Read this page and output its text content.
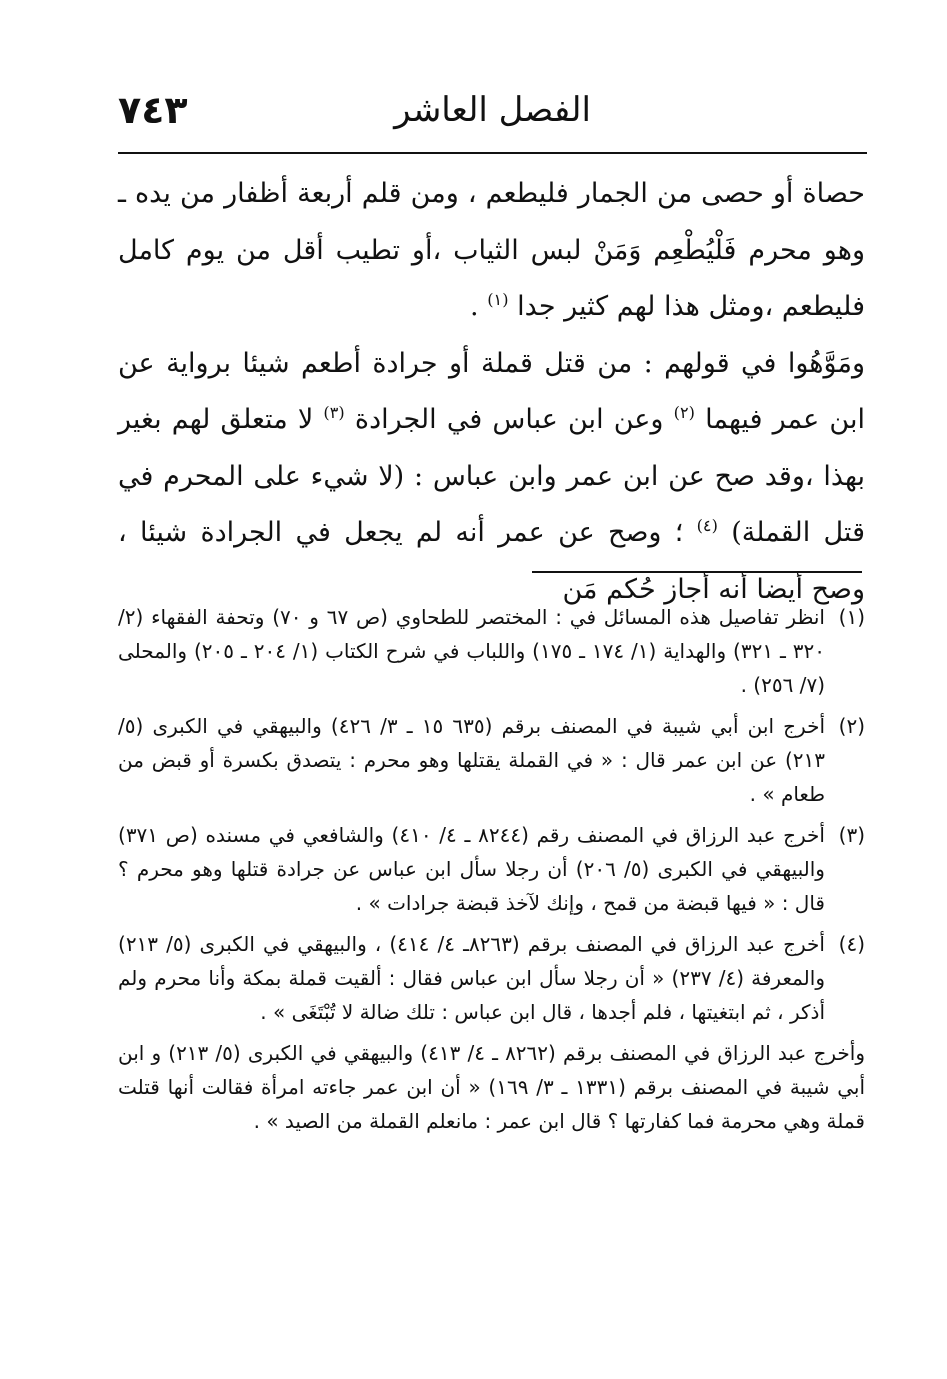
الفصل العاشر
٧٤٣

حصاة أو حصى من الجمار فليطعم ، ومن قلم أربعة أظفار من يده ـ وهو محرم فَلْيُطْعِم وَمَنْ لبس الثياب ،أو تطيب أقل من يوم كامل فليطعم ،ومثل هذا لهم كثير جدا $^{(١)}$ .

ومَوَّهُوا في قولهم : من قتل قملة أو جرادة أطعم شيئا برواية عن ابن عمر فيهما $^{(٢)}$ وعن ابن عباس في الجرادة $^{(٣)}$ لا متعلق لهم بغير بهذا ،وقد صح عن ابن عمر وابن عباس : (لا شيء على المحرم في قتل القملة) $^{(٤)}$ ؛ وصح عن عمر أنه لم يجعل في الجرادة شيئا ، وصح أيضا أنه أجاز حُكم مَن

(١)
انظر تفاصيل هذه المسائل في : المختصر للطحاوي (ص ٦٧ و ٧٠) وتحفة الفقهاء (٢/ ٣٢٠ ـ ٣٢١) والهداية (١/ ١٧٤ ـ ١٧٥) واللباب في شرح الكتاب (١/ ٢٠٤ ـ ٢٠٥) والمحلى (٧/ ٢٥٦) .
(٢)
أخرج ابن أبي شيبة في المصنف برقم (٦٣٥ ١٥ ـ ٣/ ٤٢٦) والبيهقي في الكبرى (٥/ ٢١٣) عن ابن عمر قال : « في القملة يقتلها وهو محرم : يتصدق بكسرة أو قبض من طعام » .
(٣)
أخرج عبد الرزاق في المصنف رقم (٨٢٤٤ ـ ٤/ ٤١٠) والشافعي في مسنده (ص ٣٧١) والبيهقي في الكبرى (٥/ ٢٠٦) أن رجلا سأل ابن عباس عن جرادة قتلها وهو محرم ؟ قال : « فيها قبضة من قمح ، وإنك لآخذ قبضة جرادات » .
(٤)
أخرج عبد الرزاق في المصنف برقم (٨٢٦٣ـ ٤/ ٤١٤) ، والبيهقي في الكبرى (٥/ ٢١٣) والمعرفة (٤/ ٢٣٧) « أن رجلا سأل ابن عباس فقال : ألقيت قملة بمكة وأنا محرم ولم أذكر ، ثم ابتغيتها ، فلم أجدها ، قال ابن عباس : تلك ضالة لا تُبْتَغَى » .
وأخرج عبد الرزاق في المصنف برقم (٨٢٦٢ ـ ٤/ ٤١٣) والبيهقي في الكبرى (٥/ ٢١٣) و ابن أبي شيبة في المصنف برقم (١٣٣١ ـ ٣/ ١٦٩) « أن ابن عمر جاءته امرأة فقالت أنها قتلت قملة وهي محرمة فما كفارتها ؟ قال ابن عمر : مانعلم القملة من الصيد » .
